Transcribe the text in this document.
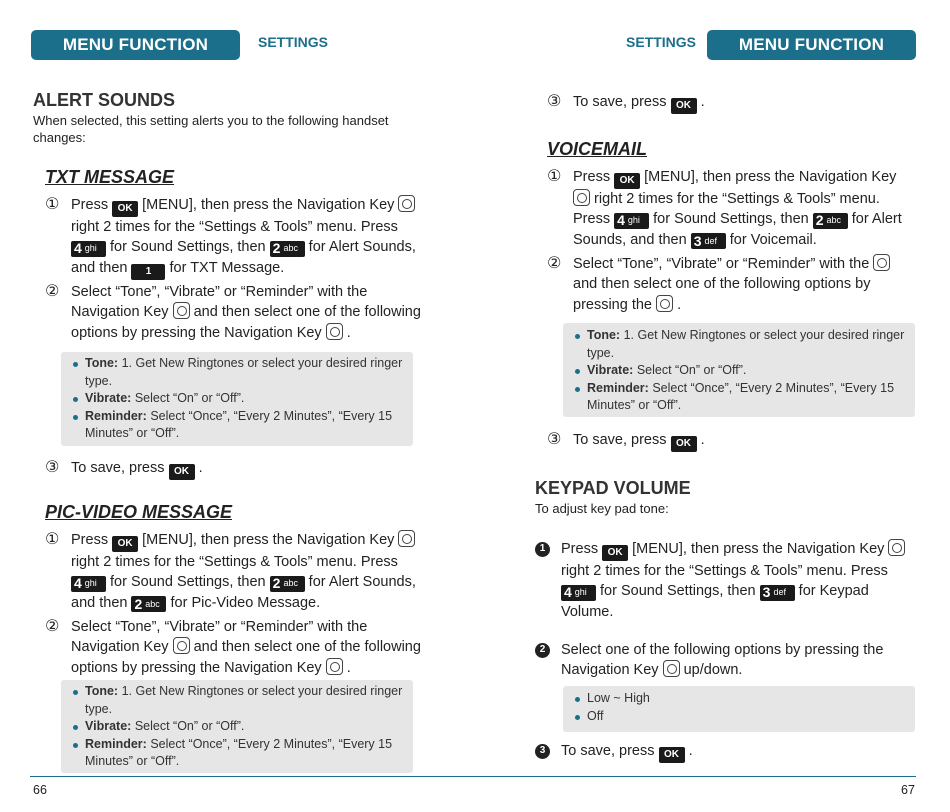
MENU FUNCTION	SETTINGS	SETTINGS	MENU FUNCTION
ALERT SOUNDS
When selected, this setting alerts you to the following handset changes:
TXT MESSAGE
① Press OK [MENU], then press the Navigation Key  right 2 times for the “Settings & Tools” menu. Press
4 ghi for Sound Settings, then 2 abc for Alert Sounds, and then 1 for TXT Message.
② Select “Tone”, “Vibrate” or “Reminder” with the Navigation Key and then select one of the following options by pressing the Navigation Key .
Tone: 1. Get New Ringtones or select your desired ringer type.
Vibrate: Select “On” or “Off”.
Reminder: Select “Once”, “Every 2 Minutes”, “Every 15 Minutes” or “Off”.
③ To save, press OK .
PIC-VIDEO MESSAGE
① Press OK [MENU], then press the Navigation Key  right 2 times for the “Settings & Tools” menu. Press
4 ghi for Sound Settings, then 2 abc for Alert Sounds, and then 2 abc for Pic-Video Message.
② Select “Tone”, “Vibrate” or “Reminder” with the Navigation Key and then select one of the following options by pressing the Navigation Key .
Tone: 1. Get New Ringtones or select your desired ringer type.
Vibrate: Select “On” or “Off”.
Reminder: Select “Once”, “Every 2 Minutes”, “Every 15 Minutes” or “Off”.
③ To save, press OK .
VOICEMAIL
① Press OK [MENU], then press the Navigation Key  right 2 times for the “Settings & Tools” menu. Press 4 ghi for Sound Settings, then 2 abc for Alert Sounds, and then 3 def for Voicemail.
② Select “Tone”, “Vibrate” or “Reminder” with the  and then select one of the following options by pressing the .
Tone: 1. Get New Ringtones or select your desired ringer type.
Vibrate: Select “On” or “Off”.
Reminder: Select “Once”, “Every 2 Minutes”, “Every 15 Minutes” or “Off”.
③ To save, press OK .
KEYPAD VOLUME
To adjust key pad tone:
1	Press OK [MENU], then press the Navigation Key  right 2 times for the “Settings & Tools” menu. Press
4 ghi for Sound Settings, then 3 def for Keypad Volume.
2	Select one of the following options by pressing the Navigation Key up/down.
Low ~ High
Off
3	To save, press OK .
66	67
